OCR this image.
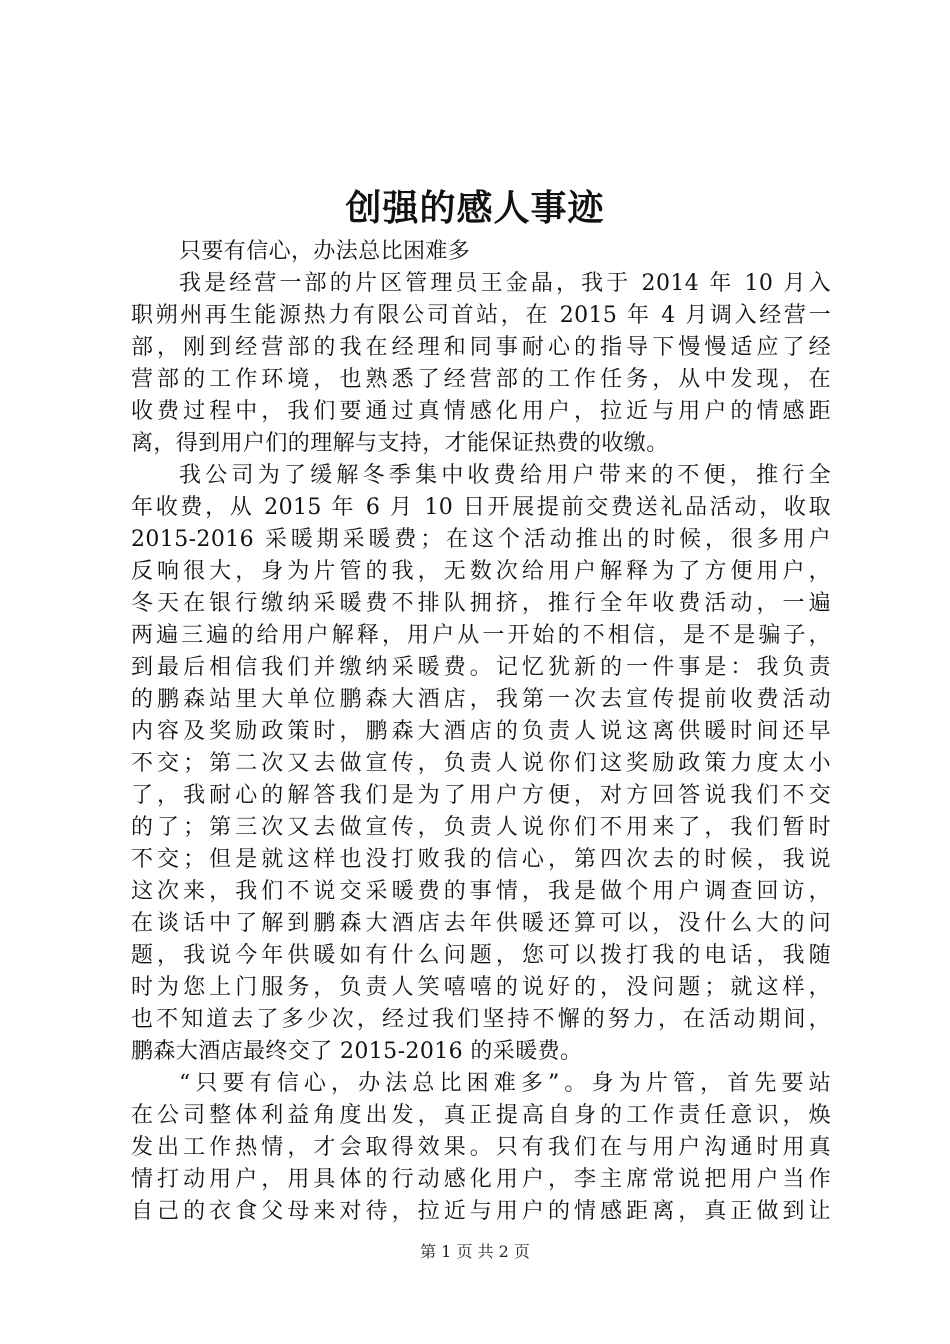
创强的感人事迹
只要有信心，办法总比困难多
我是经营一部的片区管理员王金晶，我于 2014 年 10 月入
职朔州再生能源热力有限公司首站，在 2015 年 4 月调入经营一
部，刚到经营部的我在经理和同事耐心的指导下慢慢适应了经
营部的工作环境，也熟悉了经营部的工作任务，从中发现，在
收费过程中，我们要通过真情感化用户，拉近与用户的情感距
离，得到用户们的理解与支持，才能保证热费的收缴。
我公司为了缓解冬季集中收费给用户带来的不便，推行全
年收费，从 2015 年 6 月 10 日开展提前交费送礼品活动，收取
2015-2016 采暖期采暖费；在这个活动推出的时候，很多用户
反响很大，身为片管的我，无数次给用户解释为了方便用户，
冬天在银行缴纳采暖费不排队拥挤，推行全年收费活动，一遍
两遍三遍的给用户解释，用户从一开始的不相信，是不是骗子，
到最后相信我们并缴纳采暖费。记忆犹新的一件事是：我负责
的鹏森站里大单位鹏森大酒店，我第一次去宣传提前收费活动
内容及奖励政策时，鹏森大酒店的负责人说这离供暖时间还早
不交；第二次又去做宣传，负责人说你们这奖励政策力度太小
了，我耐心的解答我们是为了用户方便，对方回答说我们不交
的了；第三次又去做宣传，负责人说你们不用来了，我们暂时
不交；但是就这样也没打败我的信心，第四次去的时候，我说
这次来，我们不说交采暖费的事情，我是做个用户调查回访，
在谈话中了解到鹏森大酒店去年供暖还算可以，没什么大的问
题，我说今年供暖如有什么问题，您可以拨打我的电话，我随
时为您上门服务，负责人笑嘻嘻的说好的，没问题；就这样，
也不知道去了多少次，经过我们坚持不懈的努力，在活动期间，
鹏森大酒店最终交了 2015-2016 的采暖费。
“只要有信心，办法总比困难多”。身为片管，首先要站
在公司整体利益角度出发，真正提高自身的工作责任意识，焕
发出工作热情，才会取得效果。只有我们在与用户沟通时用真
情打动用户，用具体的行动感化用户，李主席常说把用户当作
自己的衣食父母来对待，拉近与用户的情感距离，真正做到让
第 1 页 共 2 页
